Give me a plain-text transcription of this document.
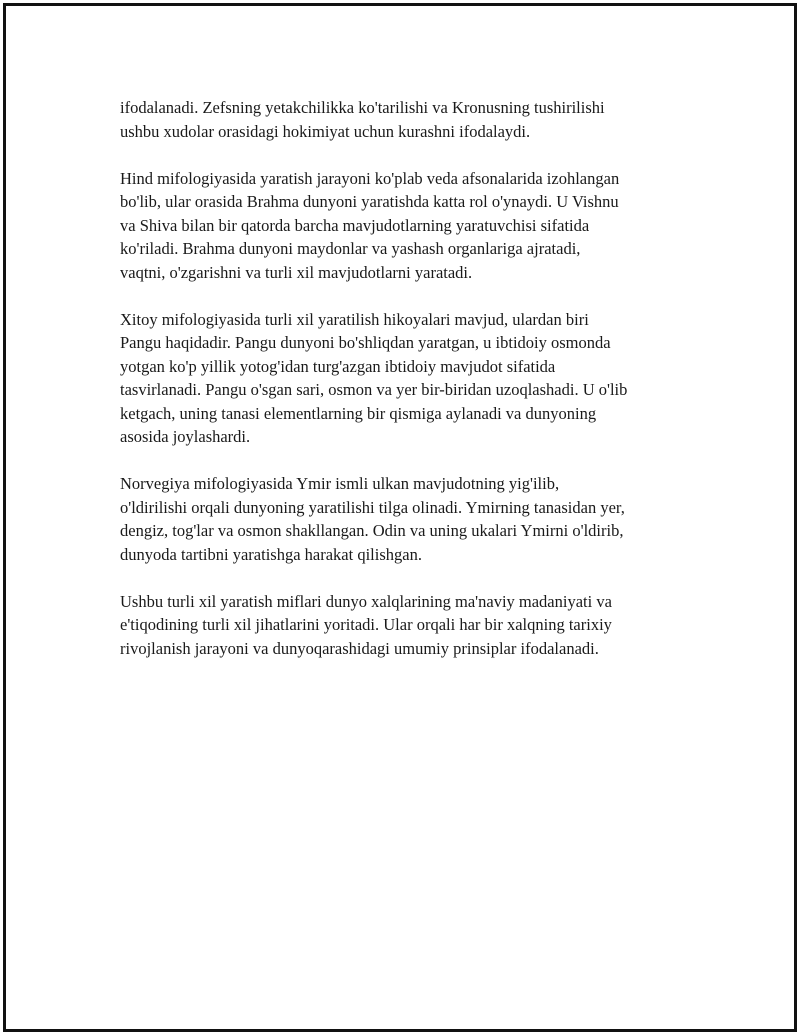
ifodalanadi. Zefsning yetakchilikka ko'tarilishi va Kronusning tushirilishi
ushbu xudolar orasidagi hokimiyat uchun kurashni ifodalaydi.

Hind mifologiyasida yaratish jarayoni ko'plab veda afsonalarida izohlangan
bo'lib, ular orasida Brahma dunyoni yaratishda katta rol o'ynaydi. U Vishnu
va Shiva bilan bir qatorda barcha mavjudotlarning yaratuvchisi sifatida
ko'riladi. Brahma dunyoni maydonlar va yashash organlariga ajratadi,
vaqtni, o'zgarishni va turli xil mavjudotlarni yaratadi.

Xitoy mifologiyasida turli xil yaratilish hikoyalari mavjud, ulardan biri
Pangu haqidadir. Pangu dunyoni bo'shliqdan yaratgan, u ibtidoiy osmonda
yotgan ko'p yillik yotog'idan turg'azgan ibtidoiy mavjudot sifatida
tasvirlanadi. Pangu o'sgan sari, osmon va yer bir-biridan uzoqlashadi. U o'lib
ketgach, uning tanasi elementlarning bir qismiga aylanadi va dunyoning
asosida joylashardi.

Norvegiya mifologiyasida Ymir ismli ulkan mavjudotning yig'ilib,
o'ldirilishi orqali dunyoning yaratilishi tilga olinadi. Ymirning tanasidan yer,
dengiz, tog'lar va osmon shakllangan. Odin va uning ukalari Ymirni o'ldirib,
dunyoda tartibni yaratishga harakat qilishgan.

Ushbu turli xil yaratish miflari dunyo xalqlarining ma'naviy madaniyati va
e'tiqodining turli xil jihatlarini yoritadi. Ular orqali har bir xalqning tarixiy
rivojlanish jarayoni va dunyoqarashidagi umumiy prinsiplar ifodalanadi.
